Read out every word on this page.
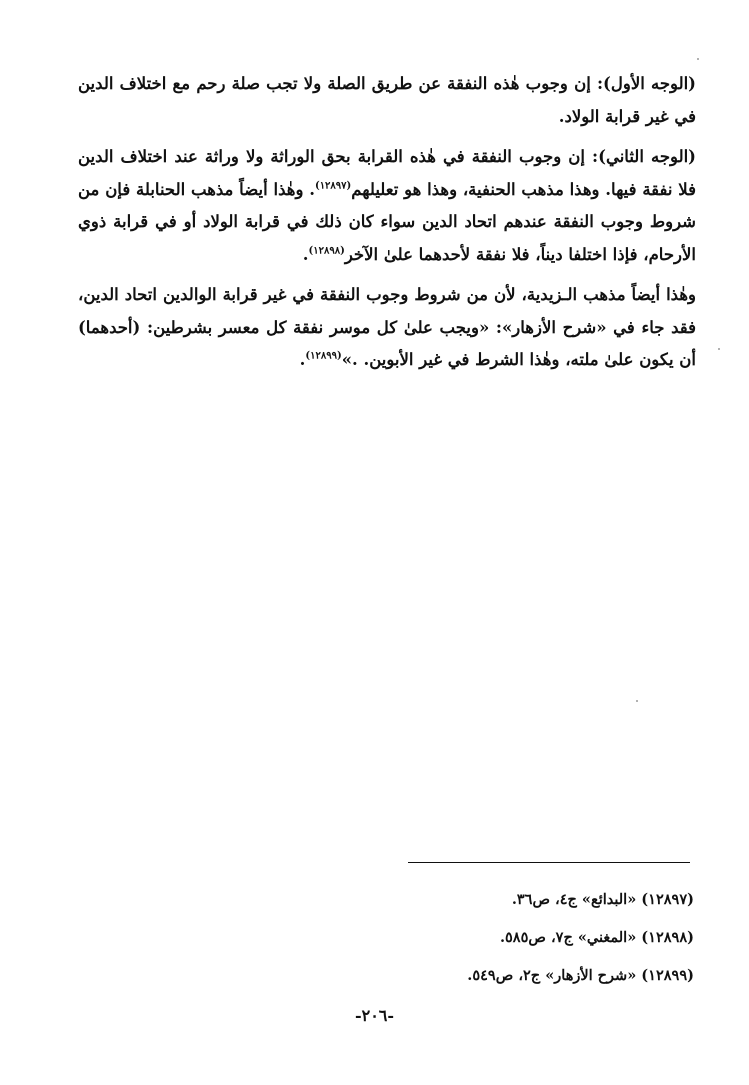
(الوجه الأول): إن وجوب هٰذه النفقة عن طريق الصلة ولا تجب صلة رحم مع اختلاف الدين في غير قرابة الولاد.

(الوجه الثاني): إن وجوب النفقة في هٰذه القرابة بحق الوراثة ولا وراثة عند اختلاف الدين فلا نفقة فيها. وهذا مذهب الحنفية، وهذا هو تعليلهم$^{(١٢٨٩٧)}$. وهٰذا أيضاً مذهب الحنابلة فإن من شروط وجوب النفقة عندهم اتحاد الدين سواء كان ذلك في قرابة الولاد أو في قرابة ذوي الأرحام، فإذا اختلفا ديناً، فلا نفقة لأحدهما علىٰ الآخر$^{(١٢٨٩٨)}$.

وهٰذا أيضاً مذهب الـزيدية، لأن من شروط وجوب النفقة في غير قرابة الوالدين اتحاد الدين، فقد جاء في «شرح الأزهار»: «ويجب علىٰ كل موسر نفقة كل معسر بشرطين: (أحدهما) أن يكون علىٰ ملته، وهٰذا الشرط في غير الأبوين. .»$^{(١٢٨٩٩)}$.

(١٢٨٩٧) «البدائع» ج٤، ص٣٦.

(١٢٨٩٨) «المغني» ج٧، ص٥٨٥.

(١٢٨٩٩) «شرح الأزهار» ج٢، ص٥٤٩.

-٢٠٦-
